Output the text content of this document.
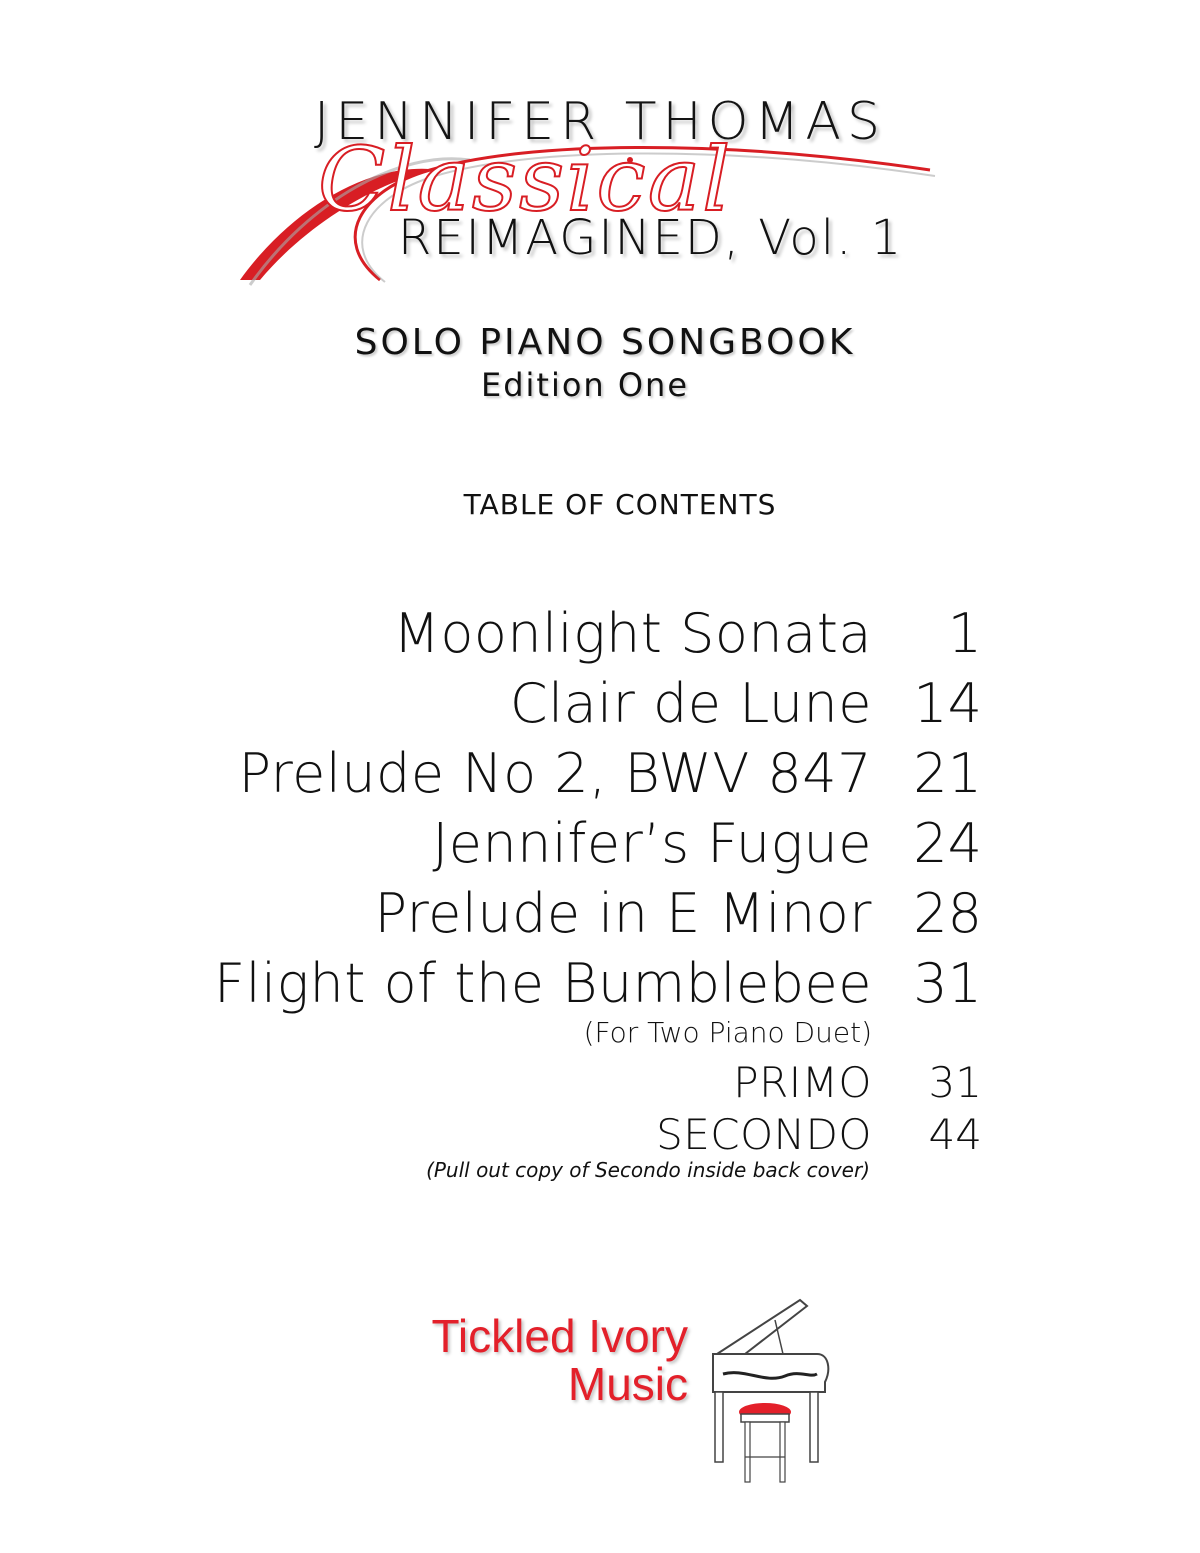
JENNIFER THOMAS
Classical
REIMAGINED, Vol. 1
SOLO PIANO SONGBOOK
Edition One
TABLE OF CONTENTS
Moonlight Sonata 1
Clair de Lune 14
Prelude No 2, BWV 847 21
Jennifer’s Fugue 24
Prelude in E Minor 28
Flight of the Bumblebee 31
(For Two Piano Duet)
PRIMO 31
SECONDO 44
(Pull out copy of Secondo inside back cover)
Tickled Ivory
Music
